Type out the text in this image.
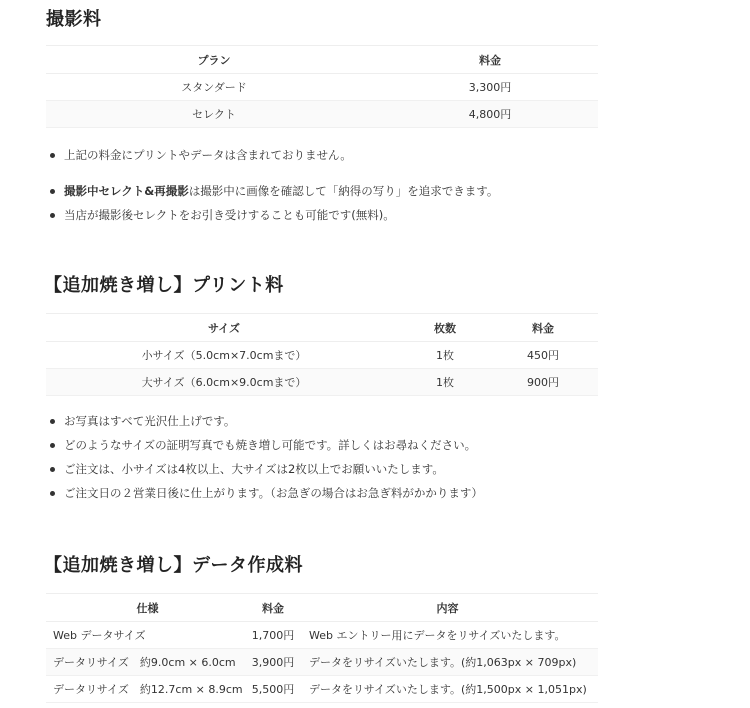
撮影料
プラン	料金
スタンダード	3,300円
セレクト	4,800円
上記の料金にプリントやデータは含まれておりません。
撮影中セレクト&再撮影は撮影中に画像を確認して「納得の写り」を追求できます。
当店が撮影後セレクトをお引き受けすることも可能です(無料)。
【追加焼き増し】プリント料
サイズ	枚数	料金
小サイズ（5.0cm×7.0cmまで）	1枚	450円
大サイズ（6.0cm×9.0cmまで）	1枚	900円
お写真はすべて光沢仕上げです。
どのようなサイズの証明写真でも焼き増し可能です。詳しくはお尋ねください。
ご注文は、小サイズは4枚以上、大サイズは2枚以上でお願いいたします。
ご注文日の２営業日後に仕上がります。（お急ぎの場合はお急ぎ料がかかります）
【追加焼き増し】データ作成料
仕様	料金	内容
Web データサイズ	1,700円	Web エントリー用にデータをリサイズいたします。
データリサイズ　約9.0cm × 6.0cm	3,900円	データをリサイズいたします。(約1,063px × 709px)
データリサイズ　約12.7cm × 8.9cm	5,500円	データをリサイズいたします。(約1,500px × 1,051px)
